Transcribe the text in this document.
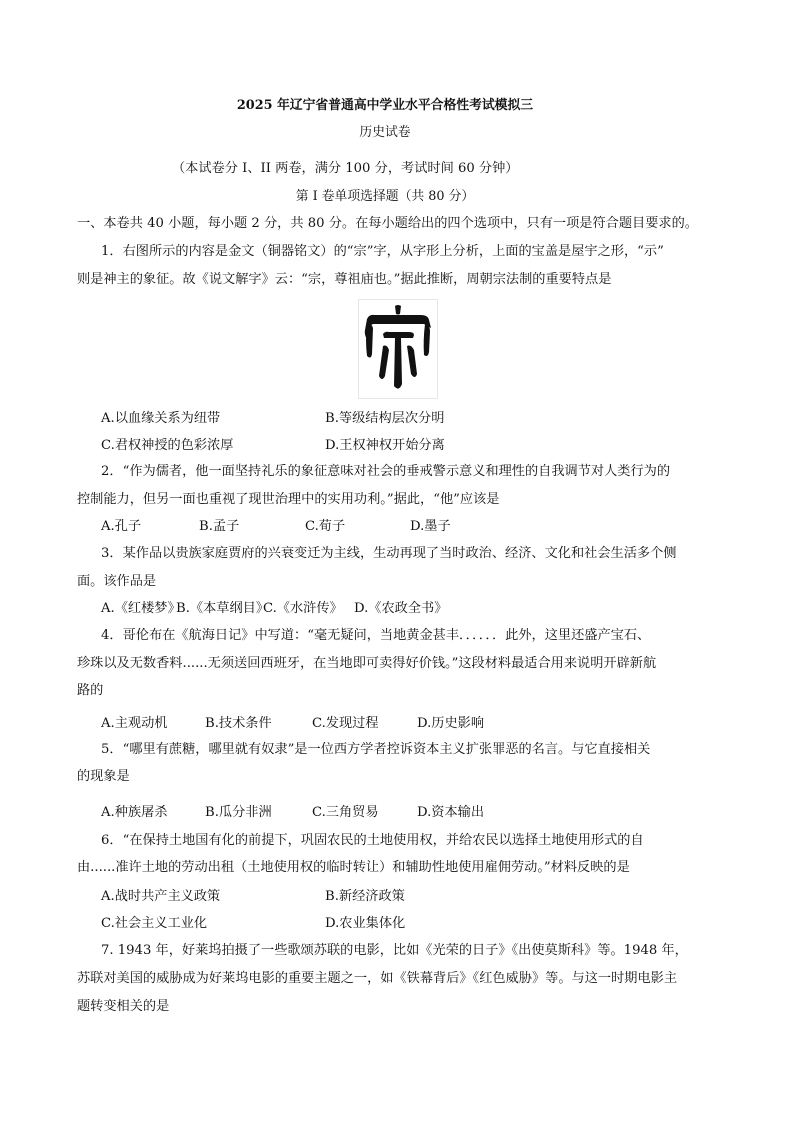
2025 年辽宁省普通高中学业水平合格性考试模拟三
历史试卷
（本试卷分 I、II 两卷，满分 100 分，考试时间 60 分钟）
第 I 卷单项选择题（共 80 分）
一、本卷共 40 小题，每小题 2 分，共 80 分。在每小题给出的四个选项中，只有一项是符合题目要求的。
1．右图所示的内容是金文（铜器铭文）的“宗”字，从字形上分析，上面的宝盖是屋宇之形，“示”
则是神主的象征。故《说文解字》云：“宗，尊祖庙也。”据此推断，周朝宗法制的重要特点是
A.以血缘关系为纽带	B.等级结构层次分明
C.君权神授的色彩浓厚	D.王权神权开始分离
2．“作为儒者，他一面坚持礼乐的象征意味对社会的垂戒警示意义和理性的自我调节对人类行为的
控制能力，但另一面也重视了现世治理中的实用功利。”据此，“他”应该是
A.孔子	B.孟子	C.荀子	D.墨子
3．某作品以贵族家庭贾府的兴衰变迁为主线，生动再现了当时政治、经济、文化和社会生活多个侧
面。该作品是
A.《红楼梦》
B.《本草纲目》
C.《水浒传》 D.《农政全书》
4．哥伦布在《航海日记》中写道：“毫无疑问，当地黄金甚丰．．．．．．此外，这里还盛产宝石、
珍珠以及无数香料......无须送回西班牙，在当地即可卖得好价钱。”这段材料最适合用来说明开辟新航
路的
A.主观动机	B.技术条件	C.发现过程	D.历史影响
5．“哪里有蔗糖，哪里就有奴隶”是一位西方学者控诉资本主义扩张罪恶的名言。与它直接相关
的现象是
A.种族屠杀	B.瓜分非洲	C.三角贸易	D.资本输出
6．“在保持土地国有化的前提下，巩固农民的土地使用权，并给农民以选择土地使用形式的自
由......准许土地的劳动出租（土地使用权的临时转让）和辅助性地使用雇佣劳动。”材料反映的是
A.战时共产主义政策	B.新经济政策
C.社会主义工业化	D.农业集体化
7. 1943 年，好莱坞拍摄了一些歌颂苏联的电影，比如《光荣的日子》《出使莫斯科》等。1948 年，
苏联对美国的威胁成为好莱坞电影的重要主题之一，如《铁幕背后》《红色威胁》等。与这一时期电影主
题转变相关的是
